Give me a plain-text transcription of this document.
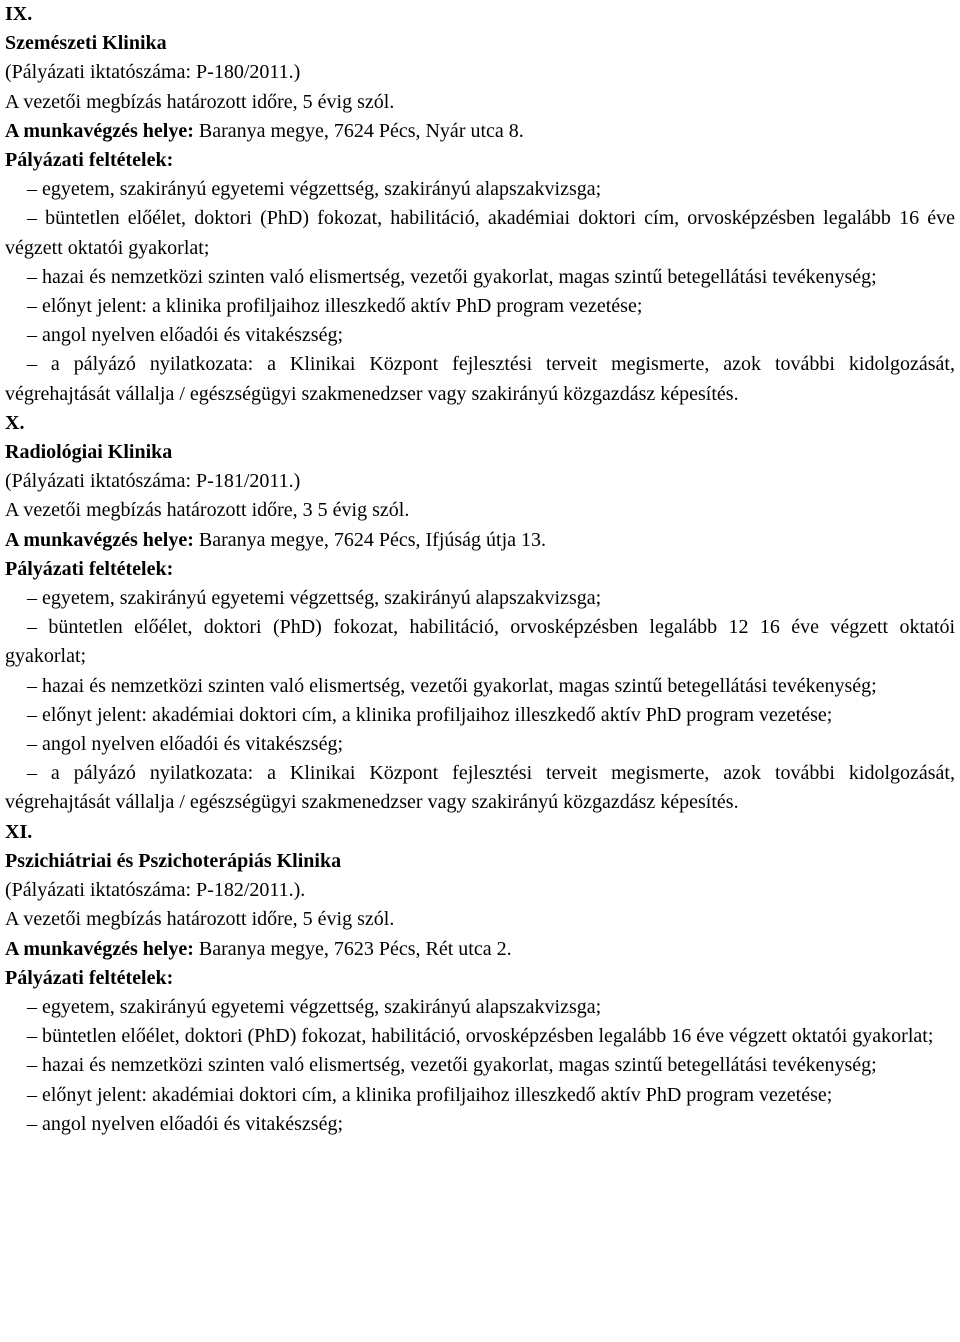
IX.

Szemészeti Klinika

(Pályázati iktatószáma: P-180/2011.)

A vezetői megbízás határozott időre, 5 évig szól.

A munkavégzés helye: Baranya megye, 7624 Pécs, Nyár utca 8.

Pályázati feltételek:

– egyetem, szakirányú egyetemi végzettség, szakirányú alapszakvizsga;

– büntetlen előélet, doktori (PhD) fokozat, habilitáció, akadémiai doktori cím, orvosképzésben legalább 16 éve végzett oktatói gyakorlat;

– hazai és nemzetközi szinten való elismertség, vezetői gyakorlat, magas szintű betegellátási tevékenység;

– előnyt jelent: a klinika profiljaihoz illeszkedő aktív PhD program vezetése;

– angol nyelven előadói és vitakészség;

– a pályázó nyilatkozata: a Klinikai Központ fejlesztési terveit megismerte, azok további kidolgozását, végrehajtását vállalja / egészségügyi szakmenedzser vagy szakirányú közgazdász képesítés.

X.

Radiológiai Klinika

(Pályázati iktatószáma: P-181/2011.)

A vezetői megbízás határozott időre, 3 5 évig szól.

A munkavégzés helye: Baranya megye, 7624 Pécs, Ifjúság útja 13.

Pályázati feltételek:

– egyetem, szakirányú egyetemi végzettség, szakirányú alapszakvizsga;

– büntetlen előélet, doktori (PhD) fokozat, habilitáció, orvosképzésben legalább 12 16 éve végzett oktatói gyakorlat;

– hazai és nemzetközi szinten való elismertség, vezetői gyakorlat, magas szintű betegellátási tevékenység;

– előnyt jelent: akadémiai doktori cím, a klinika profiljaihoz illeszkedő aktív PhD program vezetése;

– angol nyelven előadói és vitakészség;

– a pályázó nyilatkozata: a Klinikai Központ fejlesztési terveit megismerte, azok további kidolgozását, végrehajtását vállalja / egészségügyi szakmenedzser vagy szakirányú közgazdász képesítés.

XI.

Pszichiátriai és Pszichoterápiás Klinika

(Pályázati iktatószáma: P-182/2011.).

A vezetői megbízás határozott időre, 5 évig szól.

A munkavégzés helye: Baranya megye, 7623 Pécs, Rét utca 2.

Pályázati feltételek:

– egyetem, szakirányú egyetemi végzettség, szakirányú alapszakvizsga;

– büntetlen előélet, doktori (PhD) fokozat, habilitáció, orvosképzésben legalább 16 éve végzett oktatói gyakorlat;

– hazai és nemzetközi szinten való elismertség, vezetői gyakorlat, magas szintű betegellátási tevékenység;

– előnyt jelent: akadémiai doktori cím, a klinika profiljaihoz illeszkedő aktív PhD program vezetése;

– angol nyelven előadói és vitakészség;
